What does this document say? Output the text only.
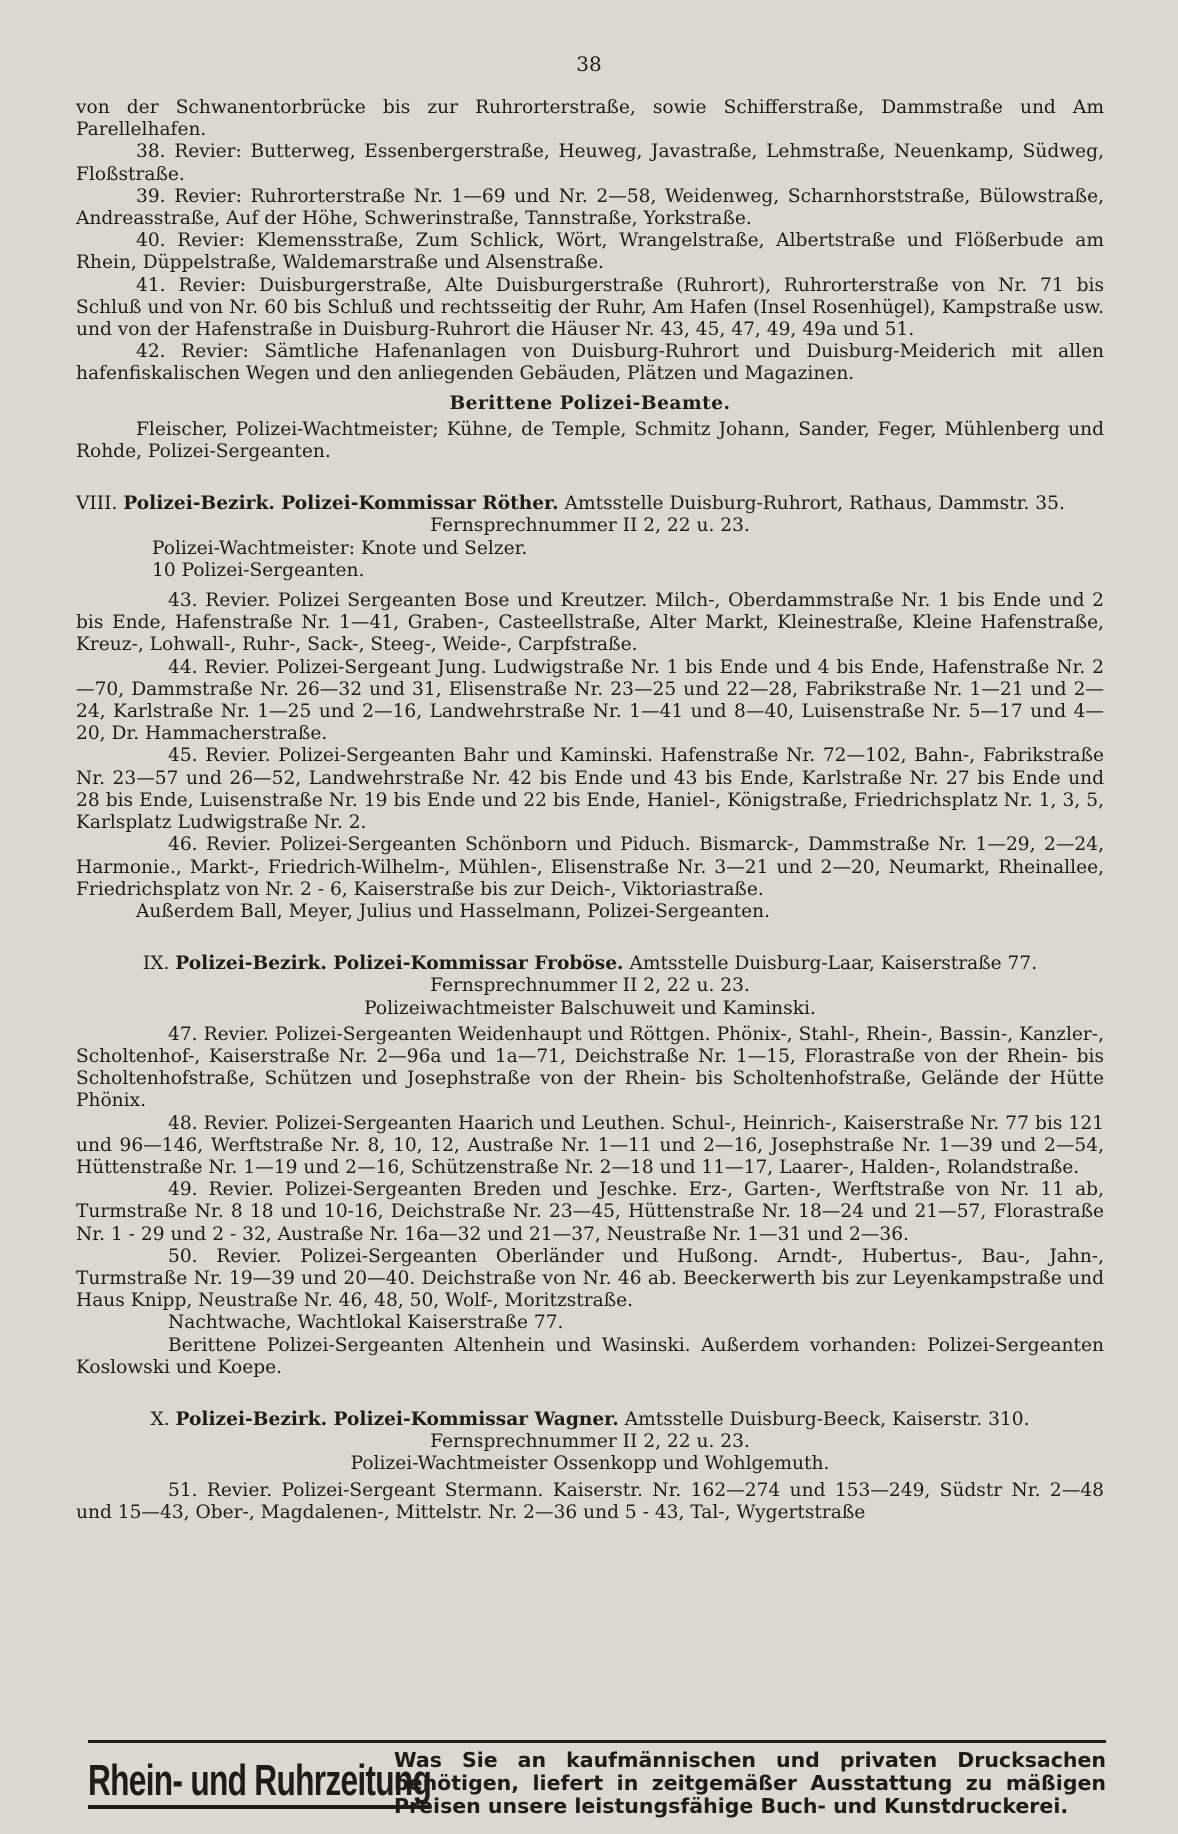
38

von der Schwanentorbrücke bis zur Ruhrorterstraße, sowie Schifferstraße, Dammstraße und Am Parellelhafen.

38. Revier: Butterweg, Essenbergerstraße, Heuweg, Javastraße, Lehmstraße, Neuenkamp, Südweg, Floßstraße.

39. Revier: Ruhrorterstraße Nr. 1—69 und Nr. 2—58, Weidenweg, Scharnhorststraße, Bülowstraße, Andreasstraße, Auf der Höhe, Schwerinstraße, Tannstraße, Yorkstraße.

40. Revier: Klemensstraße, Zum Schlick, Wört, Wrangelstraße, Albertstraße und Flößerbude am Rhein, Düppelstraße, Waldemarstraße und Alsenstraße.

41. Revier: Duisburgerstraße, Alte Duisburgerstraße (Ruhrort), Ruhrorterstraße von Nr. 71 bis Schluß und von Nr. 60 bis Schluß und rechtsseitig der Ruhr, Am Hafen (Insel Rosenhügel), Kampstraße usw. und von der Hafenstraße in Duisburg-Ruhrort die Häuser Nr. 43, 45, 47, 49, 49a und 51.

42. Revier: Sämtliche Hafenanlagen von Duisburg-Ruhrort und Duisburg-Meiderich mit allen hafenfiskalischen Wegen und den anliegenden Gebäuden, Plätzen und Magazinen.

Berittene Polizei-Beamte.

Fleischer, Polizei-Wachtmeister; Kühne, de Temple, Schmitz Johann, Sander, Feger, Mühlenberg und Rohde, Polizei-Sergeanten.

VIII. Polizei-Bezirk. Polizei-Kommissar Röther. Amtsstelle Duisburg-Ruhrort, Rathaus, Dammstr. 35.

Fernsprechnummer II 2, 22 u. 23.

Polizei-Wachtmeister: Knote und Selzer.

10 Polizei-Sergeanten.

43. Revier. Polizei Sergeanten Bose und Kreutzer. Milch-, Oberdammstraße Nr. 1 bis Ende und 2 bis Ende, Hafenstraße Nr. 1—41, Graben-, Casteellstraße, Alter Markt, Kleinestraße, Kleine Hafenstraße, Kreuz-, Lohwall-, Ruhr-, Sack-, Steeg-, Weide-, Carpfstraße.

44. Revier. Polizei-Sergeant Jung. Ludwigstraße Nr. 1 bis Ende und 4 bis Ende, Hafenstraße Nr. 2—70, Dammstraße Nr. 26—32 und 31, Elisenstraße Nr. 23—25 und 22—28, Fabrikstraße Nr. 1—21 und 2—24, Karlstraße Nr. 1—25 und 2—16, Landwehrstraße Nr. 1—41 und 8—40, Luisenstraße Nr. 5—17 und 4—20, Dr. Hammacherstraße.

45. Revier. Polizei-Sergeanten Bahr und Kaminski. Hafenstraße Nr. 72—102, Bahn-, Fabrikstraße Nr. 23—57 und 26—52, Landwehrstraße Nr. 42 bis Ende und 43 bis Ende, Karlstraße Nr. 27 bis Ende und 28 bis Ende, Luisenstraße Nr. 19 bis Ende und 22 bis Ende, Haniel-, Königstraße, Friedrichsplatz Nr. 1, 3, 5, Karlsplatz Ludwigstraße Nr. 2.

46. Revier. Polizei-Sergeanten Schönborn und Piduch. Bismarck-, Dammstraße Nr. 1—29, 2—24, Harmonie., Markt-, Friedrich-Wilhelm-, Mühlen-, Elisenstraße Nr. 3—21 und 2—20, Neumarkt, Rheinallee, Friedrichsplatz von Nr. 2 - 6, Kaiserstraße bis zur Deich-, Viktoriastraße.

Außerdem Ball, Meyer, Julius und Hasselmann, Polizei-Sergeanten.

IX. Polizei-Bezirk. Polizei-Kommissar Froböse. Amtsstelle Duisburg-Laar, Kaiserstraße 77.

Fernsprechnummer II 2, 22 u. 23.

Polizeiwachtmeister Balschuweit und Kaminski.

47. Revier. Polizei-Sergeanten Weidenhaupt und Röttgen. Phönix-, Stahl-, Rhein-, Bassin-, Kanzler-, Scholtenhof-, Kaiserstraße Nr. 2—96a und 1a—71, Deichstraße Nr. 1—15, Florastraße von der Rhein- bis Scholtenhofstraße, Schützen und Josephstraße von der Rhein- bis Scholtenhofstraße, Gelände der Hütte Phönix.

48. Revier. Polizei-Sergeanten Haarich und Leuthen. Schul-, Heinrich-, Kaiserstraße Nr. 77 bis 121 und 96—146, Werftstraße Nr. 8, 10, 12, Austraße Nr. 1—11 und 2—16, Josephstraße Nr. 1—39 und 2—54, Hüttenstraße Nr. 1—19 und 2—16, Schützenstraße Nr. 2—18 und 11—17, Laarer-, Halden-, Rolandstraße.

49. Revier. Polizei-Sergeanten Breden und Jeschke. Erz-, Garten-, Werftstraße von Nr. 11 ab, Turmstraße Nr. 8 18 und 10-16, Deichstraße Nr. 23—45, Hüttenstraße Nr. 18—24 und 21—57, Florastraße Nr. 1 - 29 und 2 - 32, Austraße Nr. 16a—32 und 21—37, Neustraße Nr. 1—31 und 2—36.

50. Revier. Polizei-Sergeanten Oberländer und Hußong. Arndt-, Hubertus-, Bau-, Jahn-, Turmstraße Nr. 19—39 und 20—40. Deichstraße von Nr. 46 ab. Beeckerwerth bis zur Leyenkampstraße und Haus Knipp, Neustraße Nr. 46, 48, 50, Wolf-, Moritzstraße.

Nachtwache, Wachtlokal Kaiserstraße 77.

Berittene Polizei-Sergeanten Altenhein und Wasinski. Außerdem vorhanden: Polizei-Sergeanten Koslowski und Koepe.

X. Polizei-Bezirk. Polizei-Kommissar Wagner. Amtsstelle Duisburg-Beeck, Kaiserstr. 310.

Fernsprechnummer II 2, 22 u. 23.

Polizei-Wachtmeister Ossenkopp und Wohlgemuth.

51. Revier. Polizei-Sergeant Stermann. Kaiserstr. Nr. 162—274 und 153—249, Südstr Nr. 2—48 und 15—43, Ober-, Magdalenen-, Mittelstr. Nr. 2—36 und 5 - 43, Tal-, Wygertstraße

Rhein- und Ruhrzeitung
Was Sie an kaufmännischen und privaten Drucksachen benötigen, liefert in zeitgemäßer Ausstattung zu mäßigen Preisen unsere leistungsfähige Buch- und Kunstdruckerei.
